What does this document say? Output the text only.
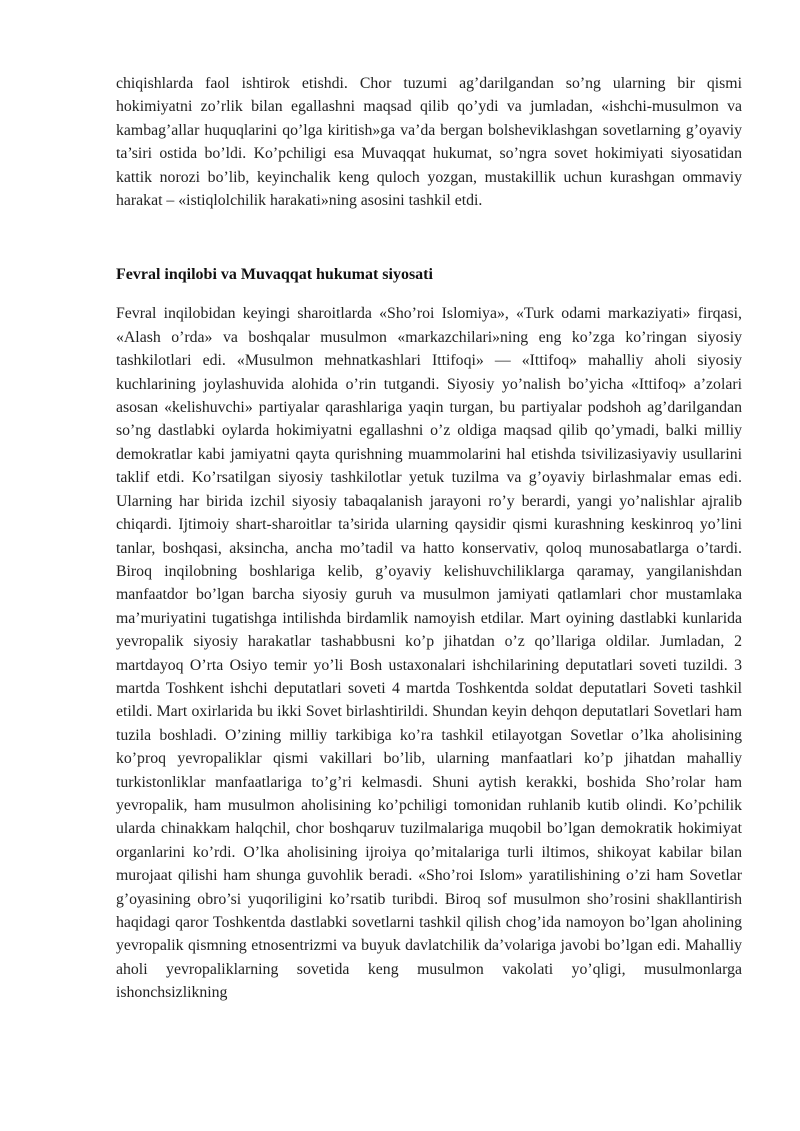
chiqishlarda faol ishtirok etishdi. Chor tuzumi ag’darilgandan so’ng ularning bir qismi hokimiyatni zo’rlik bilan egallashni maqsad qilib qo’ydi va jumladan, «ishchi-musulmon va kambag’allar huquqlarini qo’lga kiritish»ga va’da bergan bolsheviklashgan sovetlarning g’oyaviy ta’siri ostida bo’ldi. Ko’pchiligi esa Muvaqqat hukumat, so’ngra sovet hokimiyati siyosatidan kattik norozi bo’lib, keyinchalik keng quloch yozgan, mustakillik uchun kurashgan ommaviy harakat – «istiqlolchilik harakati»ning asosini tashkil etdi.

Fevral inqilobi va Muvaqqat hukumat siyosati

Fevral inqilobidan keyingi sharoitlarda «Sho’roi Islomiya», «Turk odami markaziyati» firqasi, «Alash o’rda» va boshqalar musulmon «markazchilari»ning eng ko’zga ko’ringan siyosiy tashkilotlari edi. «Musulmon mehnatkashlari Ittifoqi» — «Ittifoq» mahalliy aholi siyosiy kuchlarining joylashuvida alohida o’rin tutgandi. Siyosiy yo’nalish bo’yicha «Ittifoq» a’zolari asosan «kelishuvchi» partiyalar qarashlariga yaqin turgan, bu partiyalar podshoh ag’darilgandan so’ng dastlabki oylarda hokimiyatni egallashni o’z oldiga maqsad qilib qo’ymadi, balki milliy demokratlar kabi jamiyatni qayta qurishning muammolarini hal etishda tsivilizasiyaviy usullarini taklif etdi. Ko’rsatilgan siyosiy tashkilotlar yetuk tuzilma va g’oyaviy birlashmalar emas edi. Ularning har birida izchil siyosiy tabaqalanish jarayoni ro’y berardi, yangi yo’nalishlar ajralib chiqardi. Ijtimoiy shart-sharoitlar ta’sirida ularning qaysidir qismi kurashning keskinroq yo’lini tanlar, boshqasi, aksincha, ancha mo’tadil va hatto konservativ, qoloq munosabatlarga o’tardi. Biroq inqilobning boshlariga kelib, g’oyaviy kelishuvchiliklarga qaramay, yangilanishdan manfaatdor bo’lgan barcha siyosiy guruh va musulmon jamiyati qatlamlari chor mustamlaka ma’muriyatini tugatishga intilishda birdamlik namoyish etdilar. Mart oyining dastlabki kunlarida yevropalik siyosiy harakatlar tashabbusni ko’p jihatdan o’z qo’llariga oldilar. Jumladan, 2 martdayoq O’rta Osiyo temir yo’li Bosh ustaxonalari ishchilarining deputatlari soveti tuzildi. 3 martda Toshkent ishchi deputatlari soveti 4 martda Toshkentda soldat deputatlari Soveti tashkil etildi. Mart oxirlarida bu ikki Sovet birlashtirildi. Shundan keyin dehqon deputatlari Sovetlari ham tuzila boshladi. O’zining milliy tarkibiga ko’ra tashkil etilayotgan Sovetlar o’lka aholisining ko’proq yevropaliklar qismi vakillari bo’lib, ularning manfaatlari ko’p jihatdan mahalliy turkistonliklar manfaatlariga to’g’ri kelmasdi. Shuni aytish kerakki, boshida Sho’rolar ham yevropalik, ham musulmon aholisining ko’pchiligi tomonidan ruhlanib kutib olindi. Ko’pchilik ularda chinakkam halqchil, chor boshqaruv tuzilmalariga muqobil bo’lgan demokratik hokimiyat organlarini ko’rdi. O’lka aholisining ijroiya qo’mitalariga turli iltimos, shikoyat kabilar bilan murojaat qilishi ham shunga guvohlik beradi. «Sho’roi Islom» yaratilishining o’zi ham Sovetlar g’oyasining obro’si yuqoriligini ko’rsatib turibdi. Biroq sof musulmon sho’rosini shakllantirish haqidagi qaror Toshkentda dastlabki sovetlarni tashkil qilish chog’ida namoyon bo’lgan aholining yevropalik qismning etnosentrizmi va buyuk davlatchilik da’volariga javobi bo’lgan edi. Mahalliy aholi yevropaliklarning sovetida keng musulmon vakolati yo’qligi, musulmonlarga ishonchsizlikning
